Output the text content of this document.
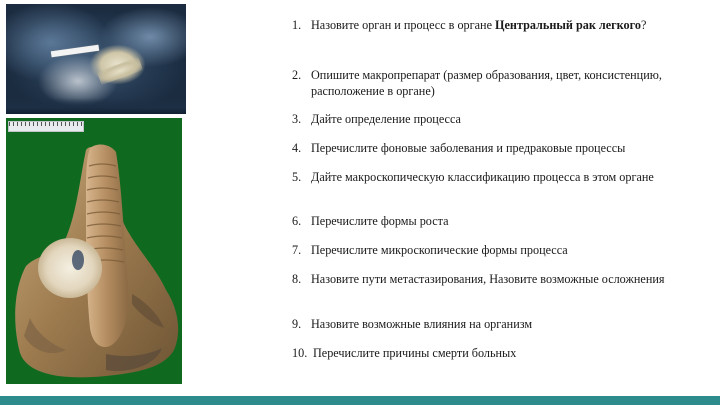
1. Назовите орган и процесс в органе Центральный рак легкого?
2. Опишите макропрепарат (размер образования, цвет, консистенцию, расположение в органе)
3. Дайте определение процесса
4. Перечислите фоновые заболевания и предраковые процессы
5. Дайте макроскопическую классификацию процесса в этом органе
6. Перечислите формы роста
7. Перечислите микроскопические формы процесса
8. Назовите пути метастазирования, Назовите возможные осложнения
9. Назовите возможные влияния на организм
10. Перечислите причины смерти больных
